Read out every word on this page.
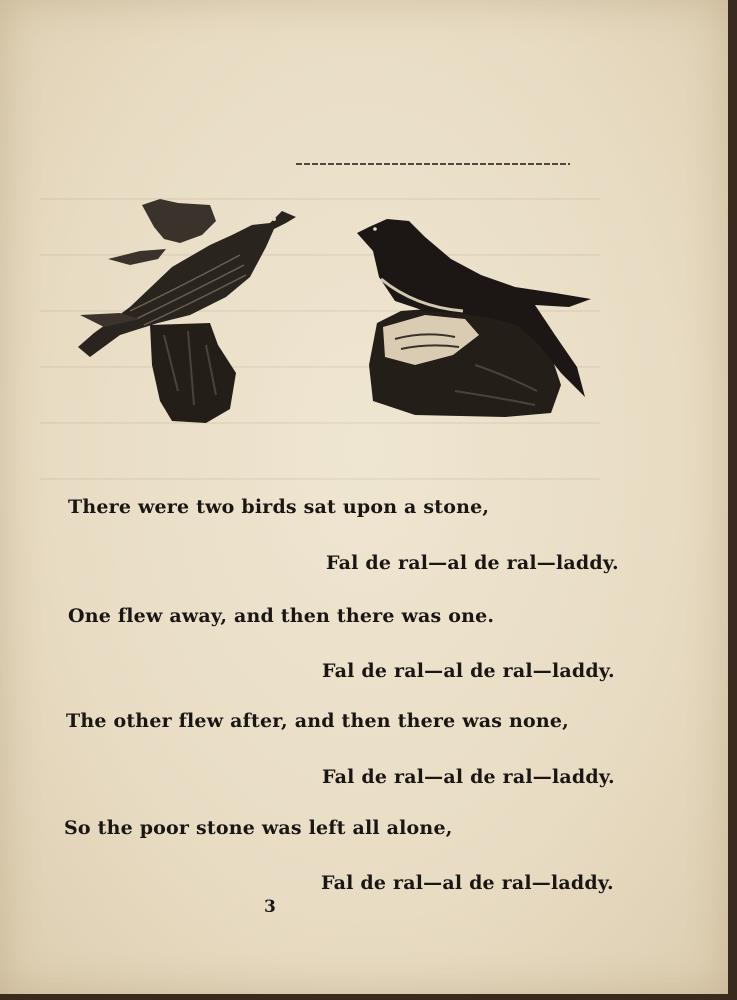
There were two birds sat upon a stone,
Fal de ral—al de ral—laddy.
One flew away, and then there was one.
Fal de ral—al de ral—laddy.
The other flew after, and then there was none,
Fal de ral—al de ral—laddy.
So the poor stone was left all alone,
Fal de ral—al de ral—laddy.
3
